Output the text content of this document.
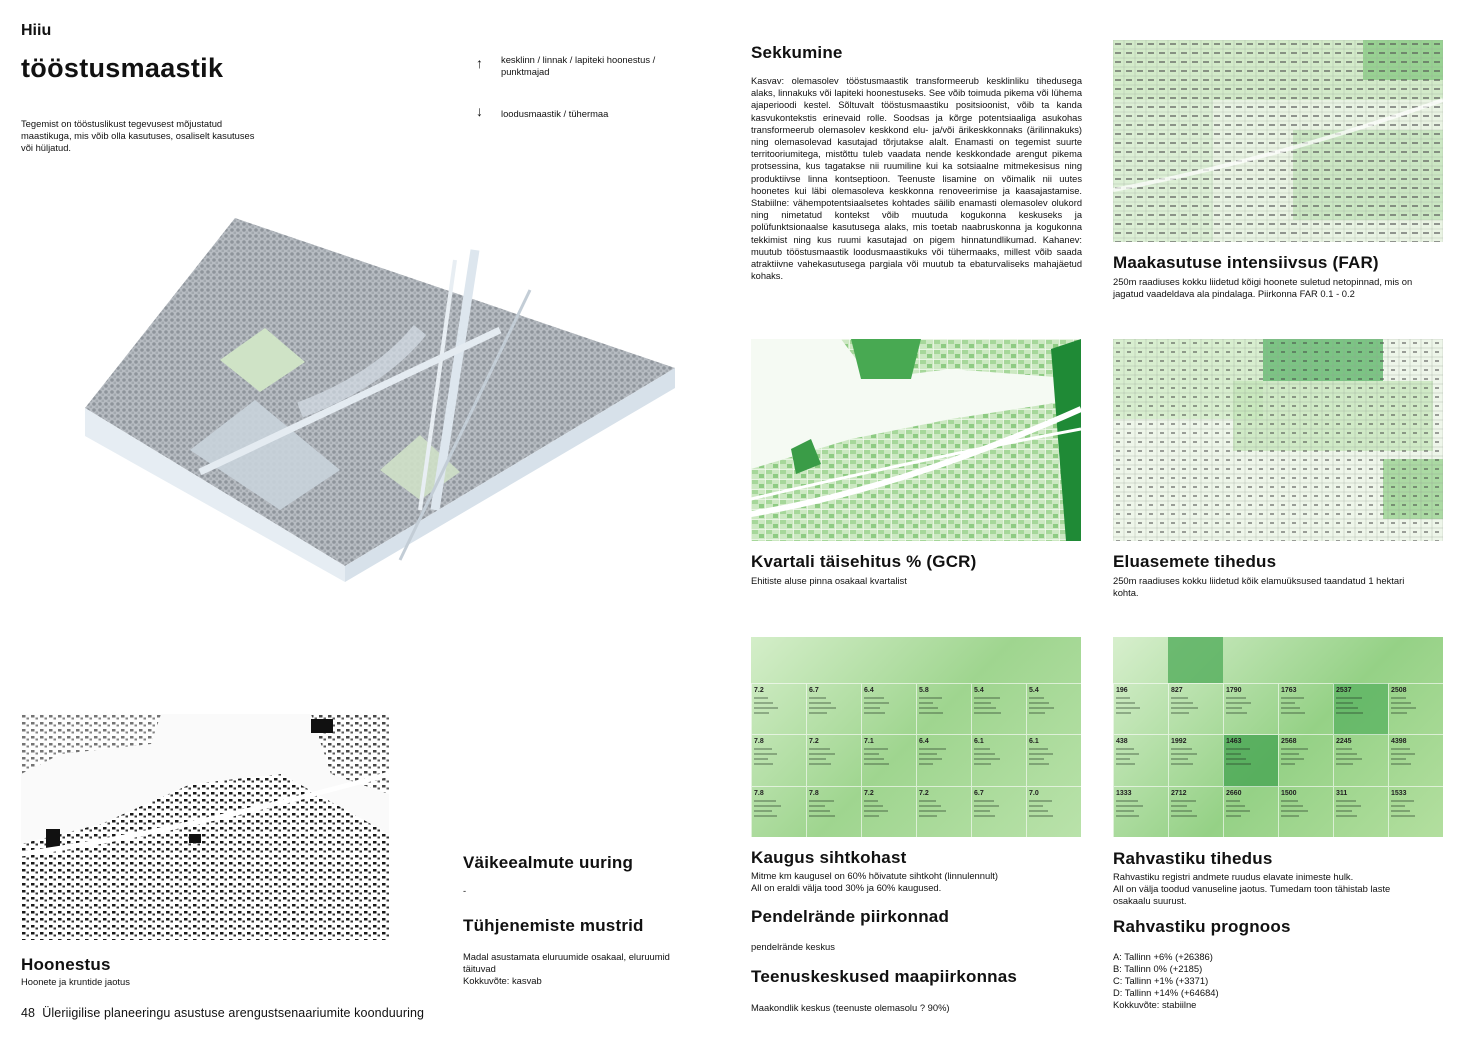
Hiiu
tööstusmaastik
Tegemist on tööstuslikust tegevusest mõjustatud maastikuga, mis võib olla kasutuses, osaliselt kasutuses või hüljatud.
↑ kesklinn / linnak / lapiteki hoonestus / punktmajad
↓ loodusmaastik / tühermaa
Hoonestus
Hoonete ja kruntide jaotus
Väikeealmute uuring
-
Tühjenemiste mustrid
Madal asustamata eluruumide osakaal, eluruumid täituvad
Kokkuvõte: kasvab
48 Üleriigilise planeeringu asustuse arengustsenaariumite koonduuring
Sekkumine
Kasvav: olemasolev tööstusmaastik transformeerub kesklinliku tihedusega alaks, linnakuks või lapiteki hoonestuseks. See võib toimuda pikema või lühema ajaperioodi kestel. Sõltuvalt tööstusmaastiku positsioonist, võib ta kanda kasvukontekstis erinevaid rolle. Soodsas ja kõrge potentsiaaliga asukohas transformeerub olemasolev keskkond elu- ja/või ärikeskkonnaks (ärilinnakuks) ning olemasolevad kasutajad tõrjutakse alalt. Enamasti on tegemist suurte territooriumitega, mistõttu tuleb vaadata nende keskkondade arengut pikema protsessina, kus tagatakse nii ruumiline kui ka sotsiaalne mitmekesisus ning produktiivse linna kontseptioon. Teenuste lisamine on võimalik nii uutes hoonetes kui läbi olemasoleva keskkonna renoveerimise ja kaasajastamise. Stabiilne: vähempotentsiaalsetes kohtades säilib enamasti olemasolev olukord ning nimetatud kontekst võib muutuda kogukonna keskuseks ja polüfunktsionaalse kasutusega alaks, mis toetab naabruskonna ja kogukonna tekkimist ning kus ruumi kasutajad on pigem hinnatundlikumad. Kahanev: muutub tööstusmaastik loodusmaastikuks või tühermaaks, millest võib saada atraktiivne vahekasutusega pargiala või muutub ta ebaturvaliseks mahajäetud kohaks.
Maakasutuse intensiivsus (FAR)
250m raadiuses kokku liidetud kõigi hoonete suletud netopinnad, mis on jagatud vaadeldava ala pindalaga. Piirkonna FAR 0.1 - 0.2
Kvartali täisehitus % (GCR)
Ehitiste aluse pinna osakaal kvartalist
Eluasemete tihedus
250m raadiuses kokku liidetud kõik elamuüksused taandatud 1 hektari kohta.
7.2	6.7	6.4	5.8	5.4	5.4
7.8	7.2	7.1	6.4	6.1	6.1
7.8	7.8	7.2	7.2	6.7	7.0
Kaugus sihtkohast
Mitme km kaugusel on 60% hõivatute sihtkoht (linnulennult)
All on eraldi välja tood 30% ja 60% kaugused.
196	827	1790	1763	2537	2508
438	1992	1463	2568	2245	4398
1333	2712	2660	1500	311	1533
Rahvastiku tihedus
Rahvastiku registri andmete ruudus elavate inimeste hulk.
All on välja toodud vanuseline jaotus. Tumedam toon tähistab laste osakaalu suurust.
Pendelrände piirkonnad
pendelrände keskus
Teenuskeskused maapiirkonnas
Maakondlik keskus (teenuste olemasolu ? 90%)
Rahvastiku prognoos
A: Tallinn +6% (+26386)
B: Tallinn 0% (+2185)
C: Tallinn +1% (+3371)
D: Tallinn +14% (+64684)
Kokkuvõte: stabiilne
